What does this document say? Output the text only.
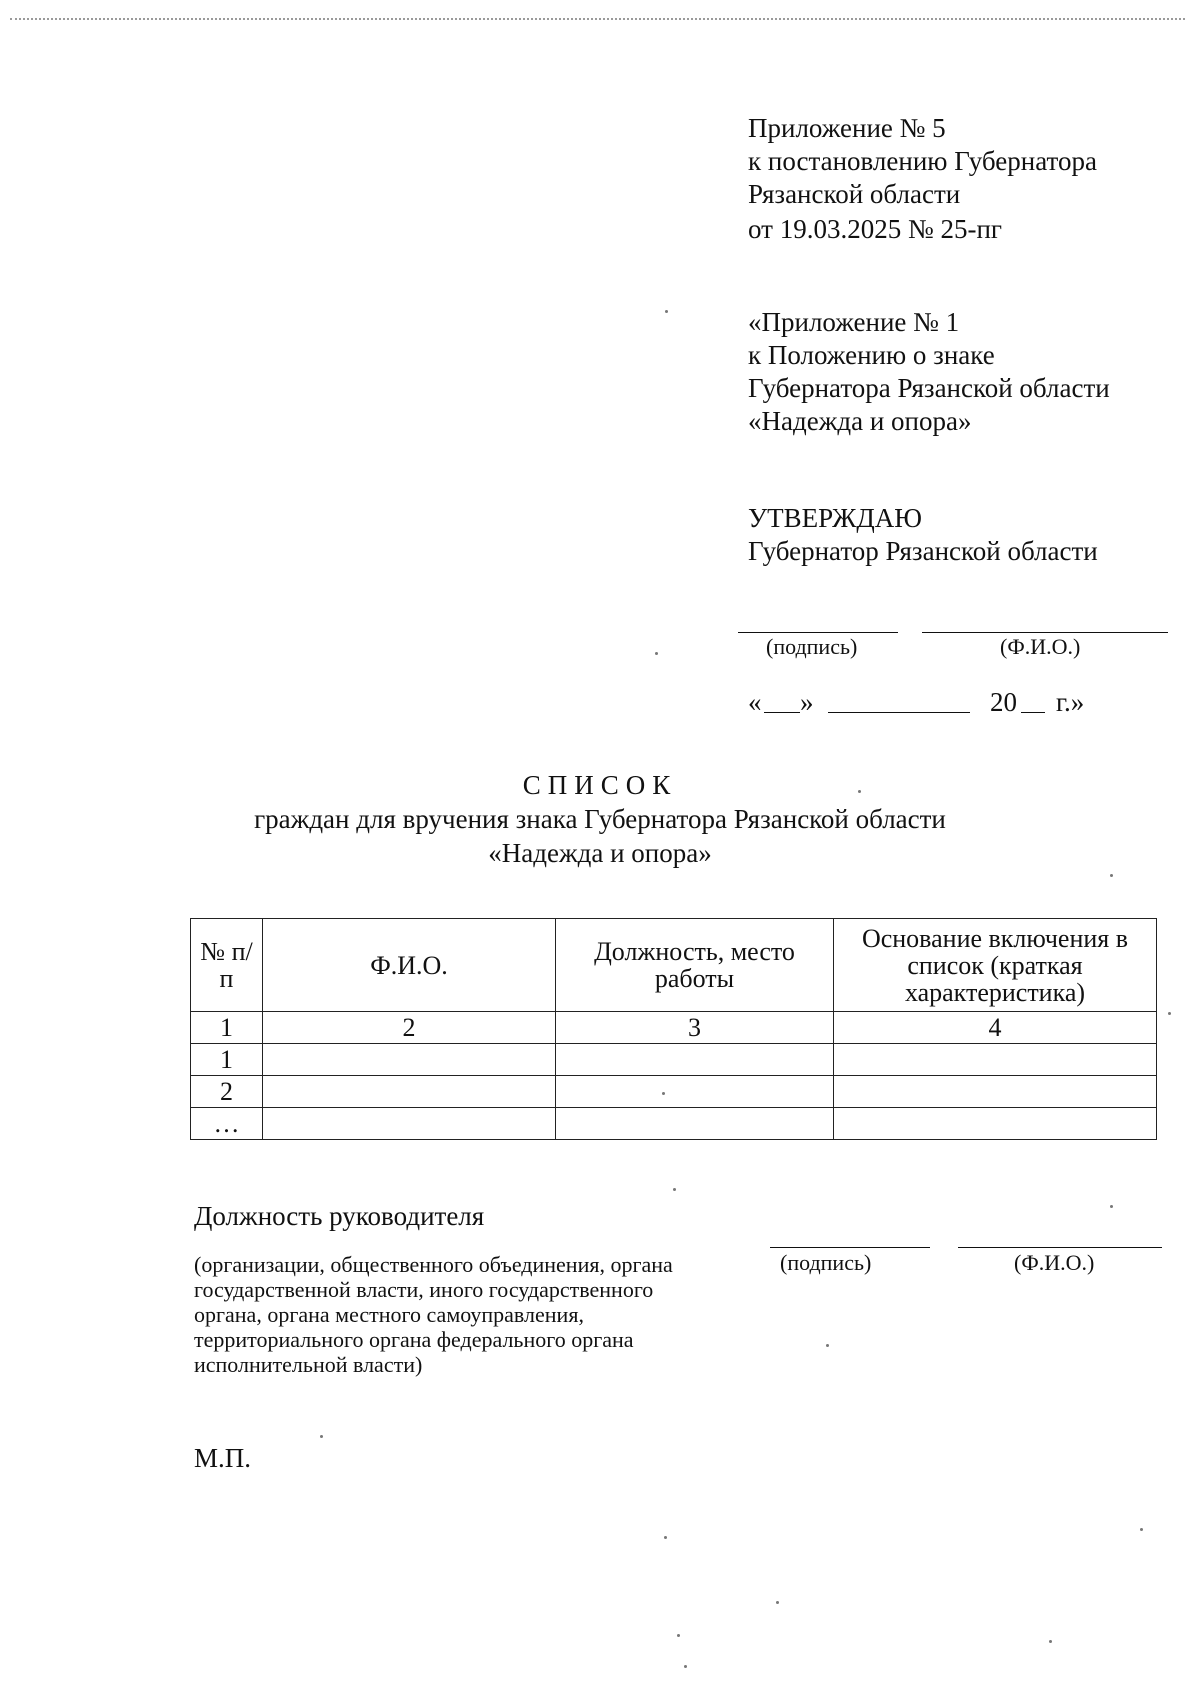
Приложение № 5
к постановлению Губернатора
Рязанской области
от 19.03.2025 № 25-пг
«Приложение № 1
к Положению о знаке
Губернатора Рязанской области
«Надежда и опора»
УТВЕРЖДАЮ
Губернатор Рязанской области
(подпись)	(Ф.И.О.)
« »	20 г.»
СПИСОК
граждан для вручения знака Губернатора Рязанской области
«Надежда и опора»
№ п/п	Ф.И.О.	Должность, место работы	Основание включения в список (краткая характеристика)
1	2	3	4
1			
2			
…			
Должность руководителя
(организации, общественного объединения, органа
государственной власти, иного государственного
органа, органа местного самоуправления,
территориального органа федерального органа
исполнительной власти)
(подпись)	(Ф.И.О.)
М.П.
